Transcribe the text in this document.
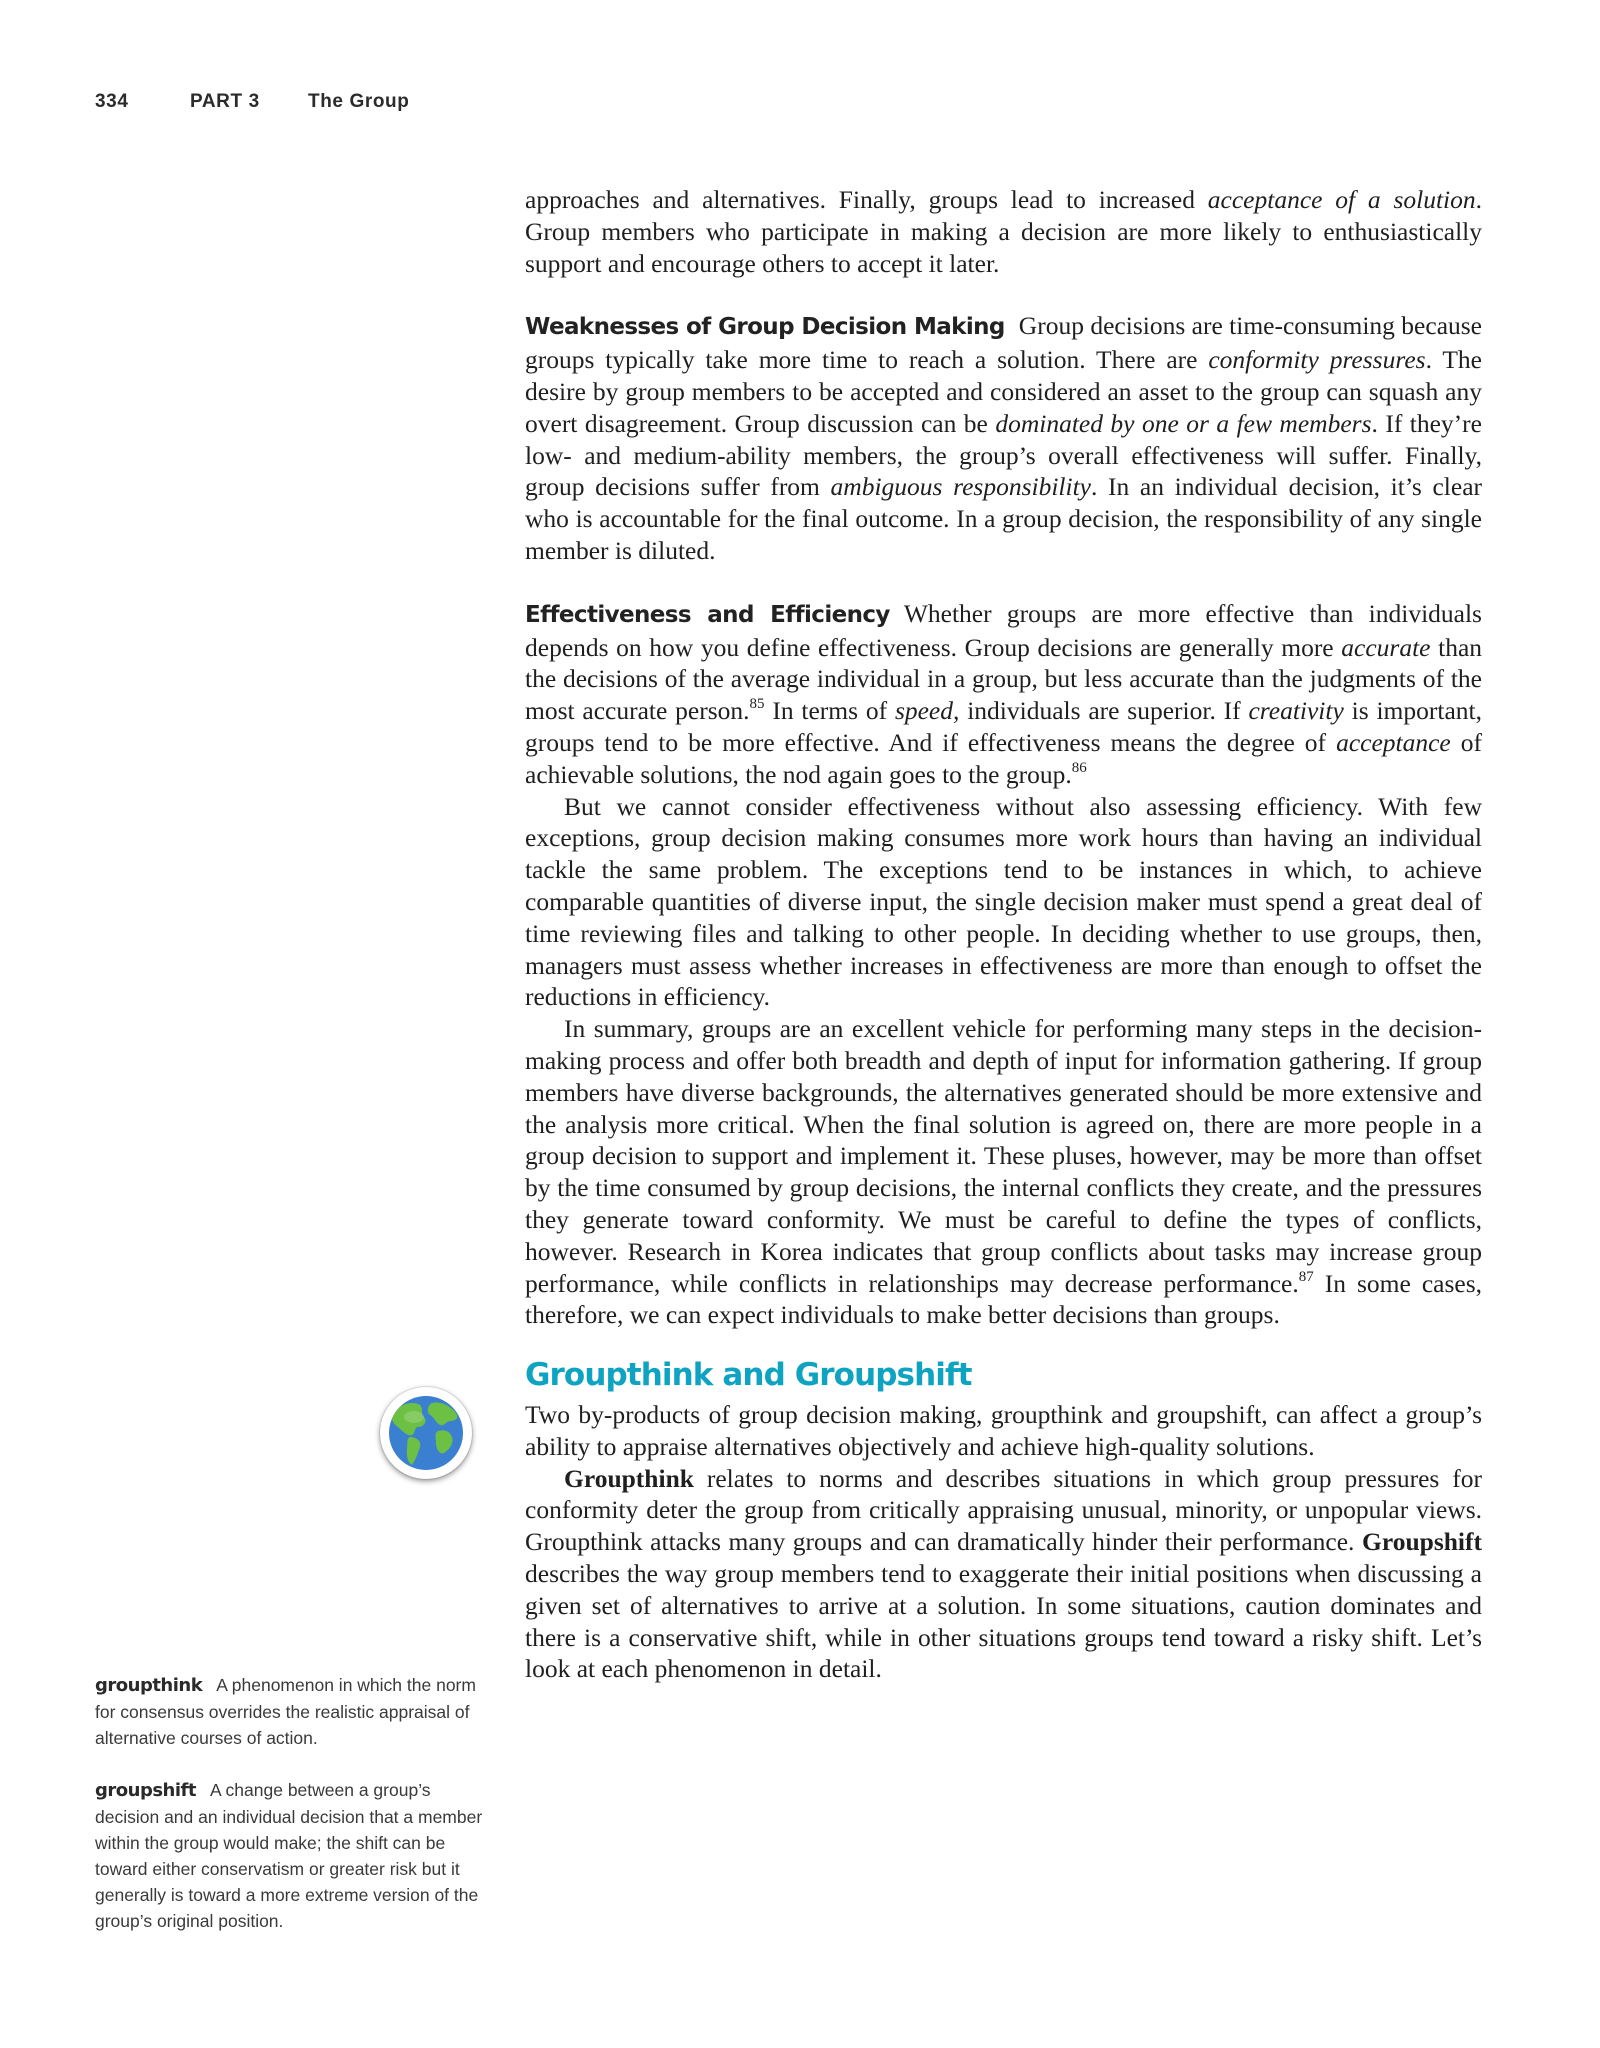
334	PART 3	The Group

approaches and alternatives. Finally, groups lead to increased acceptance of a solution. Group members who participate in making a decision are more likely to enthusiastically support and encourage others to accept it later.

Weaknesses of Group Decision Making Group decisions are time-consuming because groups typically take more time to reach a solution. There are conformity pressures. The desire by group members to be accepted and considered an asset to the group can squash any overt disagreement. Group discussion can be dominated by one or a few members. If they’re low- and medium-ability members, the group’s overall effectiveness will suffer. Finally, group decisions suffer from ambiguous responsibility. In an individual decision, it’s clear who is accountable for the final outcome. In a group decision, the responsibility of any single member is diluted.

Effectiveness and Efficiency Whether groups are more effective than individuals depends on how you define effectiveness. Group decisions are generally more accurate than the decisions of the average individual in a group, but less accurate than the judgments of the most accurate person.$^{85}$ In terms of speed, individuals are superior. If creativity is important, groups tend to be more effective. And if effectiveness means the degree of acceptance of achievable solutions, the nod again goes to the group.$^{86}$

But we cannot consider effectiveness without also assessing efficiency. With few exceptions, group decision making consumes more work hours than having an individual tackle the same problem. The exceptions tend to be instances in which, to achieve comparable quantities of diverse input, the single decision maker must spend a great deal of time reviewing files and talking to other people. In deciding whether to use groups, then, managers must assess whether increases in effectiveness are more than enough to offset the reductions in efficiency.

In summary, groups are an excellent vehicle for performing many steps in the decision-making process and offer both breadth and depth of input for information gathering. If group members have diverse backgrounds, the alternatives generated should be more extensive and the analysis more critical. When the final solution is agreed on, there are more people in a group decision to support and implement it. These pluses, however, may be more than offset by the time consumed by group decisions, the internal conflicts they create, and the pressures they generate toward conformity. We must be careful to define the types of conflicts, however. Research in Korea indicates that group conflicts about tasks may increase group performance, while conflicts in relationships may decrease performance.$^{87}$ In some cases, therefore, we can expect individuals to make better decisions than groups.

Groupthink and Groupshift

Two by-products of group decision making, groupthink and groupshift, can affect a group’s ability to appraise alternatives objectively and achieve high-quality solutions.

Groupthink relates to norms and describes situations in which group pressures for conformity deter the group from critically appraising unusual, minority, or unpopular views. Groupthink attacks many groups and can dramatically hinder their performance. Groupshift describes the way group members tend to exaggerate their initial positions when discussing a given set of alternatives to arrive at a solution. In some situations, caution dominates and there is a conservative shift, while in other situations groups tend toward a risky shift. Let’s look at each phenomenon in detail.

groupthink A phenomenon in which the norm for consensus overrides the realistic appraisal of alternative courses of action.

groupshift A change between a group’s decision and an individual decision that a member within the group would make; the shift can be toward either conservatism or greater risk but it generally is toward a more extreme version of the group’s original position.
